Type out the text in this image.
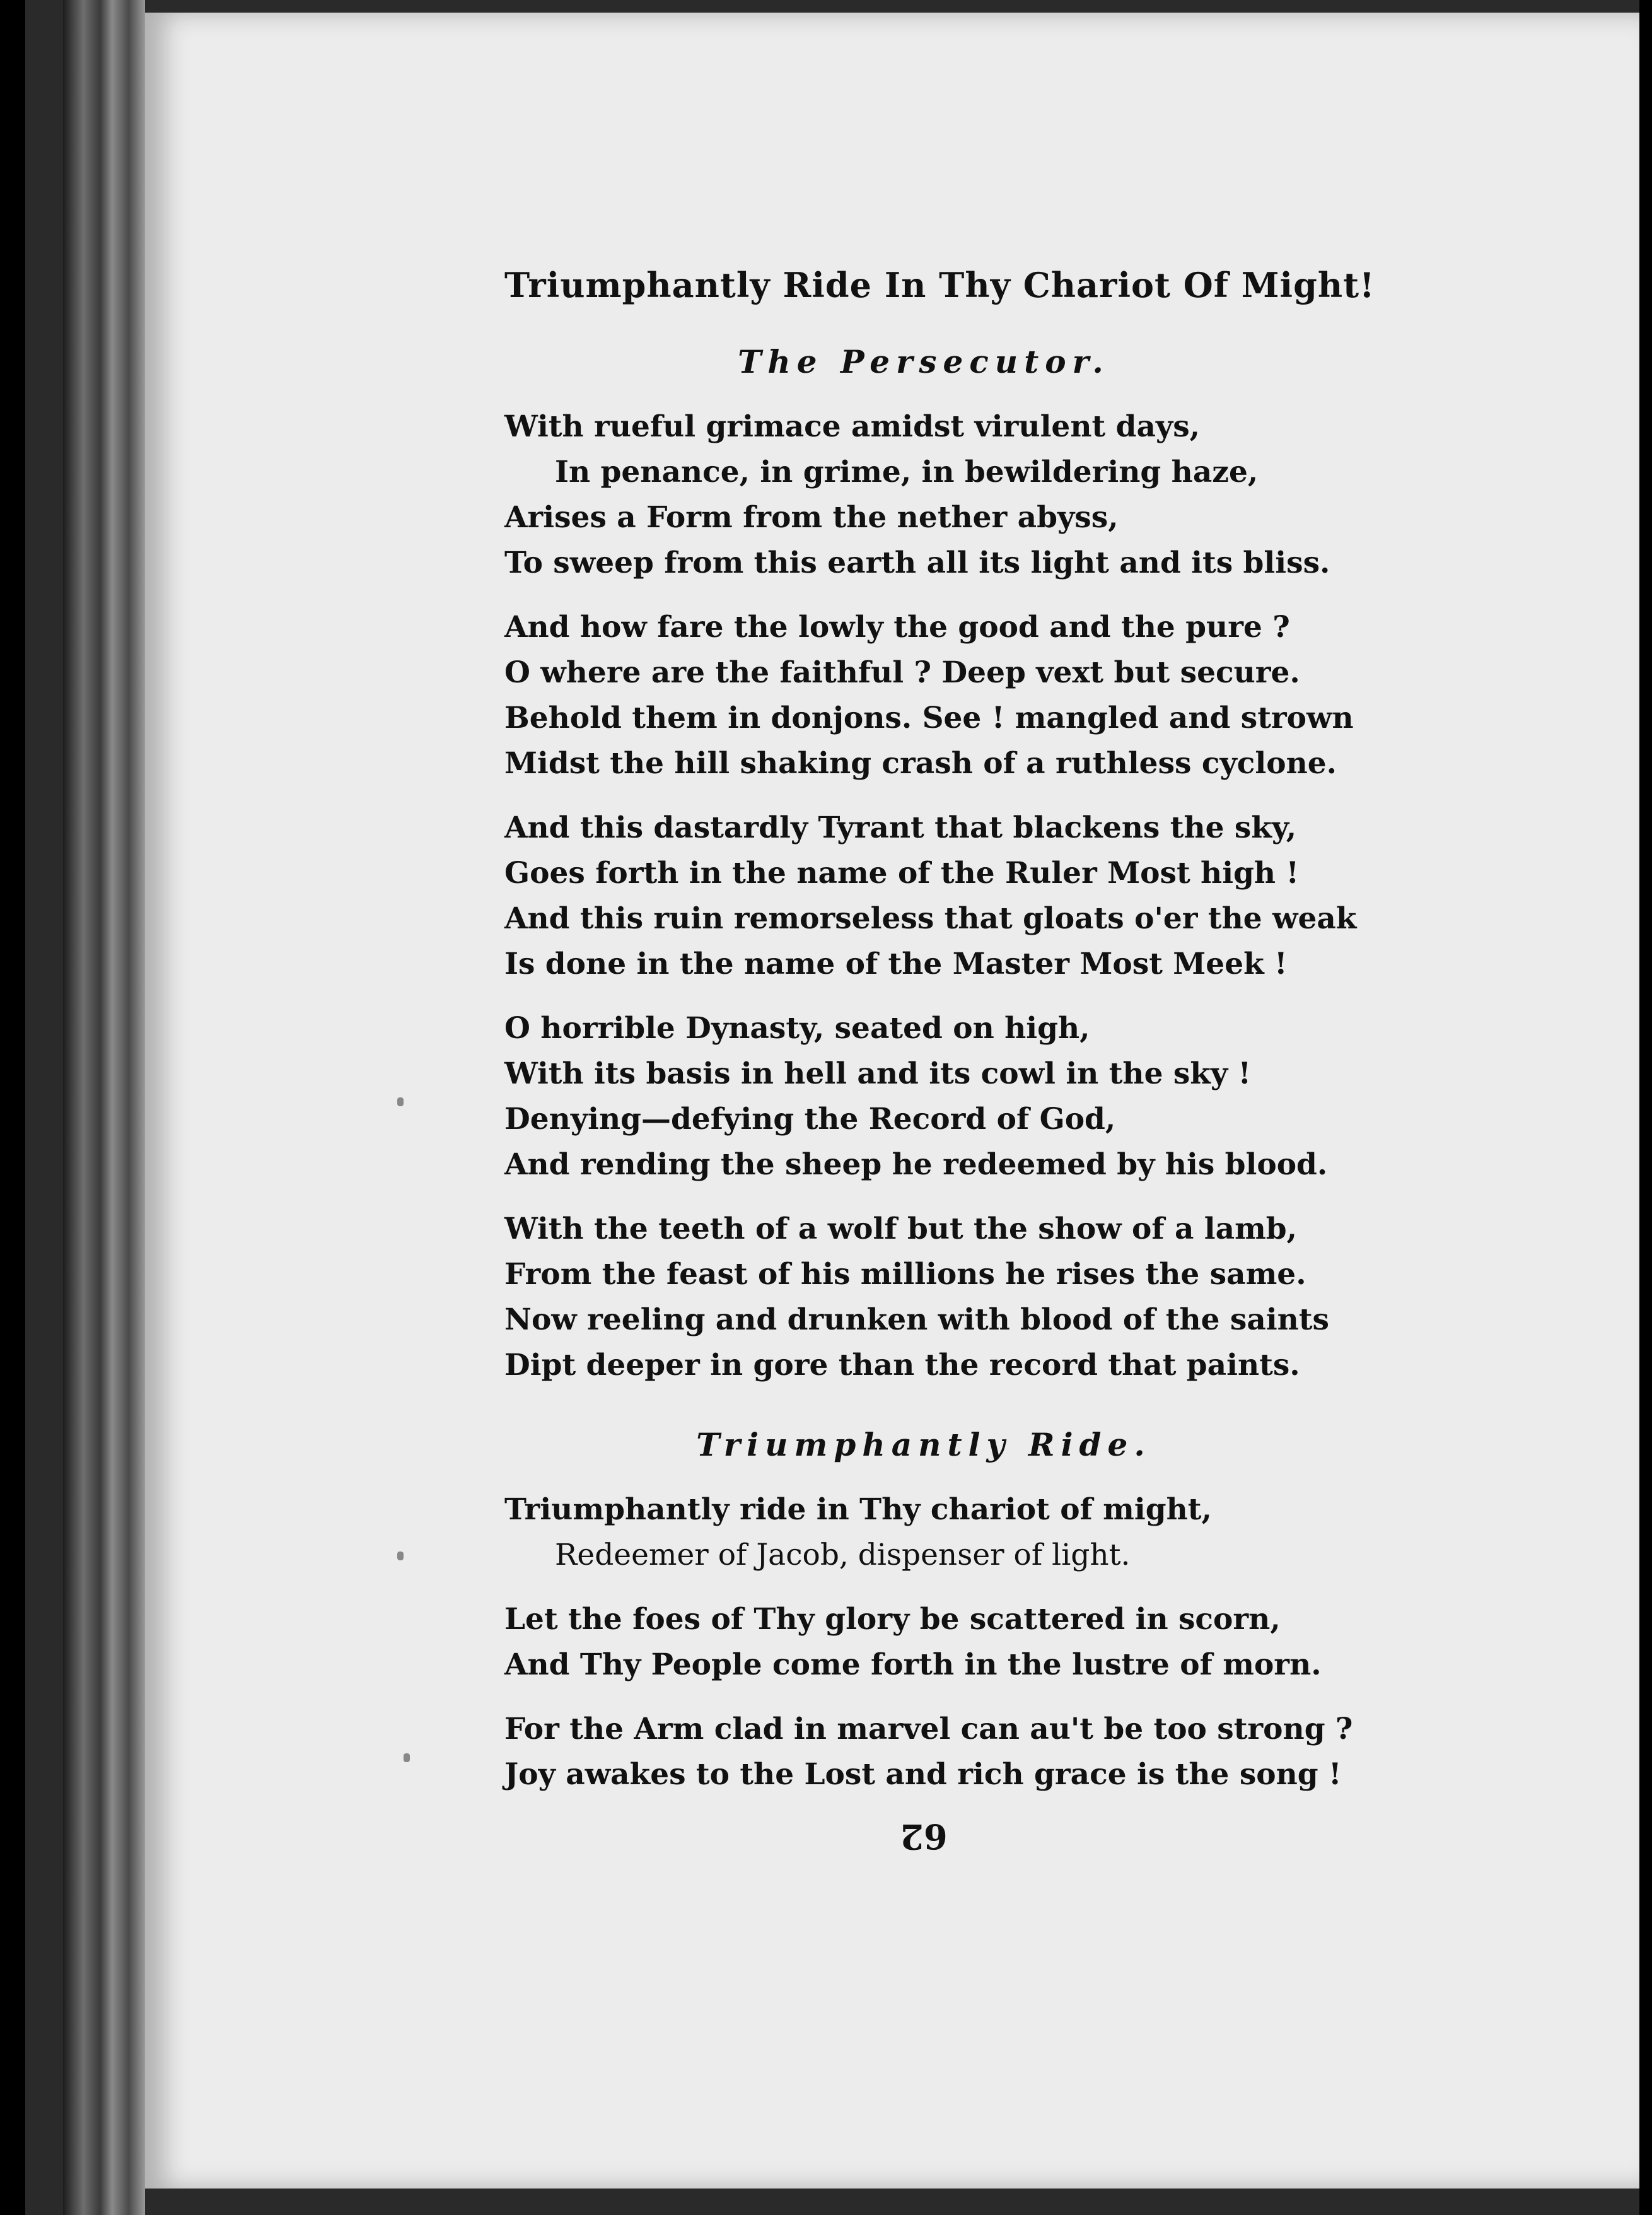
Triumphantly Ride In Thy Chariot Of Might!
The Persecutor.
With rueful grimace amidst virulent days,
In penance, in grime, in bewildering haze,
Arises a Form from the nether abyss,
To sweep from this earth all its light and its bliss.
And how fare the lowly the good and the pure ?
O where are the faithful ? Deep vext but secure.
Behold them in donjons. See ! mangled and strown
Midst the hill shaking crash of a ruthless cyclone.
And this dastardly Tyrant that blackens the sky,
Goes forth in the name of the Ruler Most high !
And this ruin remorseless that gloats o'er the weak
Is done in the name of the Master Most Meek !
O horrible Dynasty, seated on high,
With its basis in hell and its cowl in the sky !
Denying—defying the Record of God,
And rending the sheep he redeemed by his blood.
With the teeth of a wolf but the show of a lamb,
From the feast of his millions he rises the same.
Now reeling and drunken with blood of the saints
Dipt deeper in gore than the record that paints.
Triumphantly Ride.
Triumphantly ride in Thy chariot of might,
Redeemer of Jacob, dispenser of light.
Let the foes of Thy glory be scattered in scorn,
And Thy People come forth in the lustre of morn.
For the Arm clad in marvel can au't be too strong ?
Joy awakes to the Lost and rich grace is the song !
62
